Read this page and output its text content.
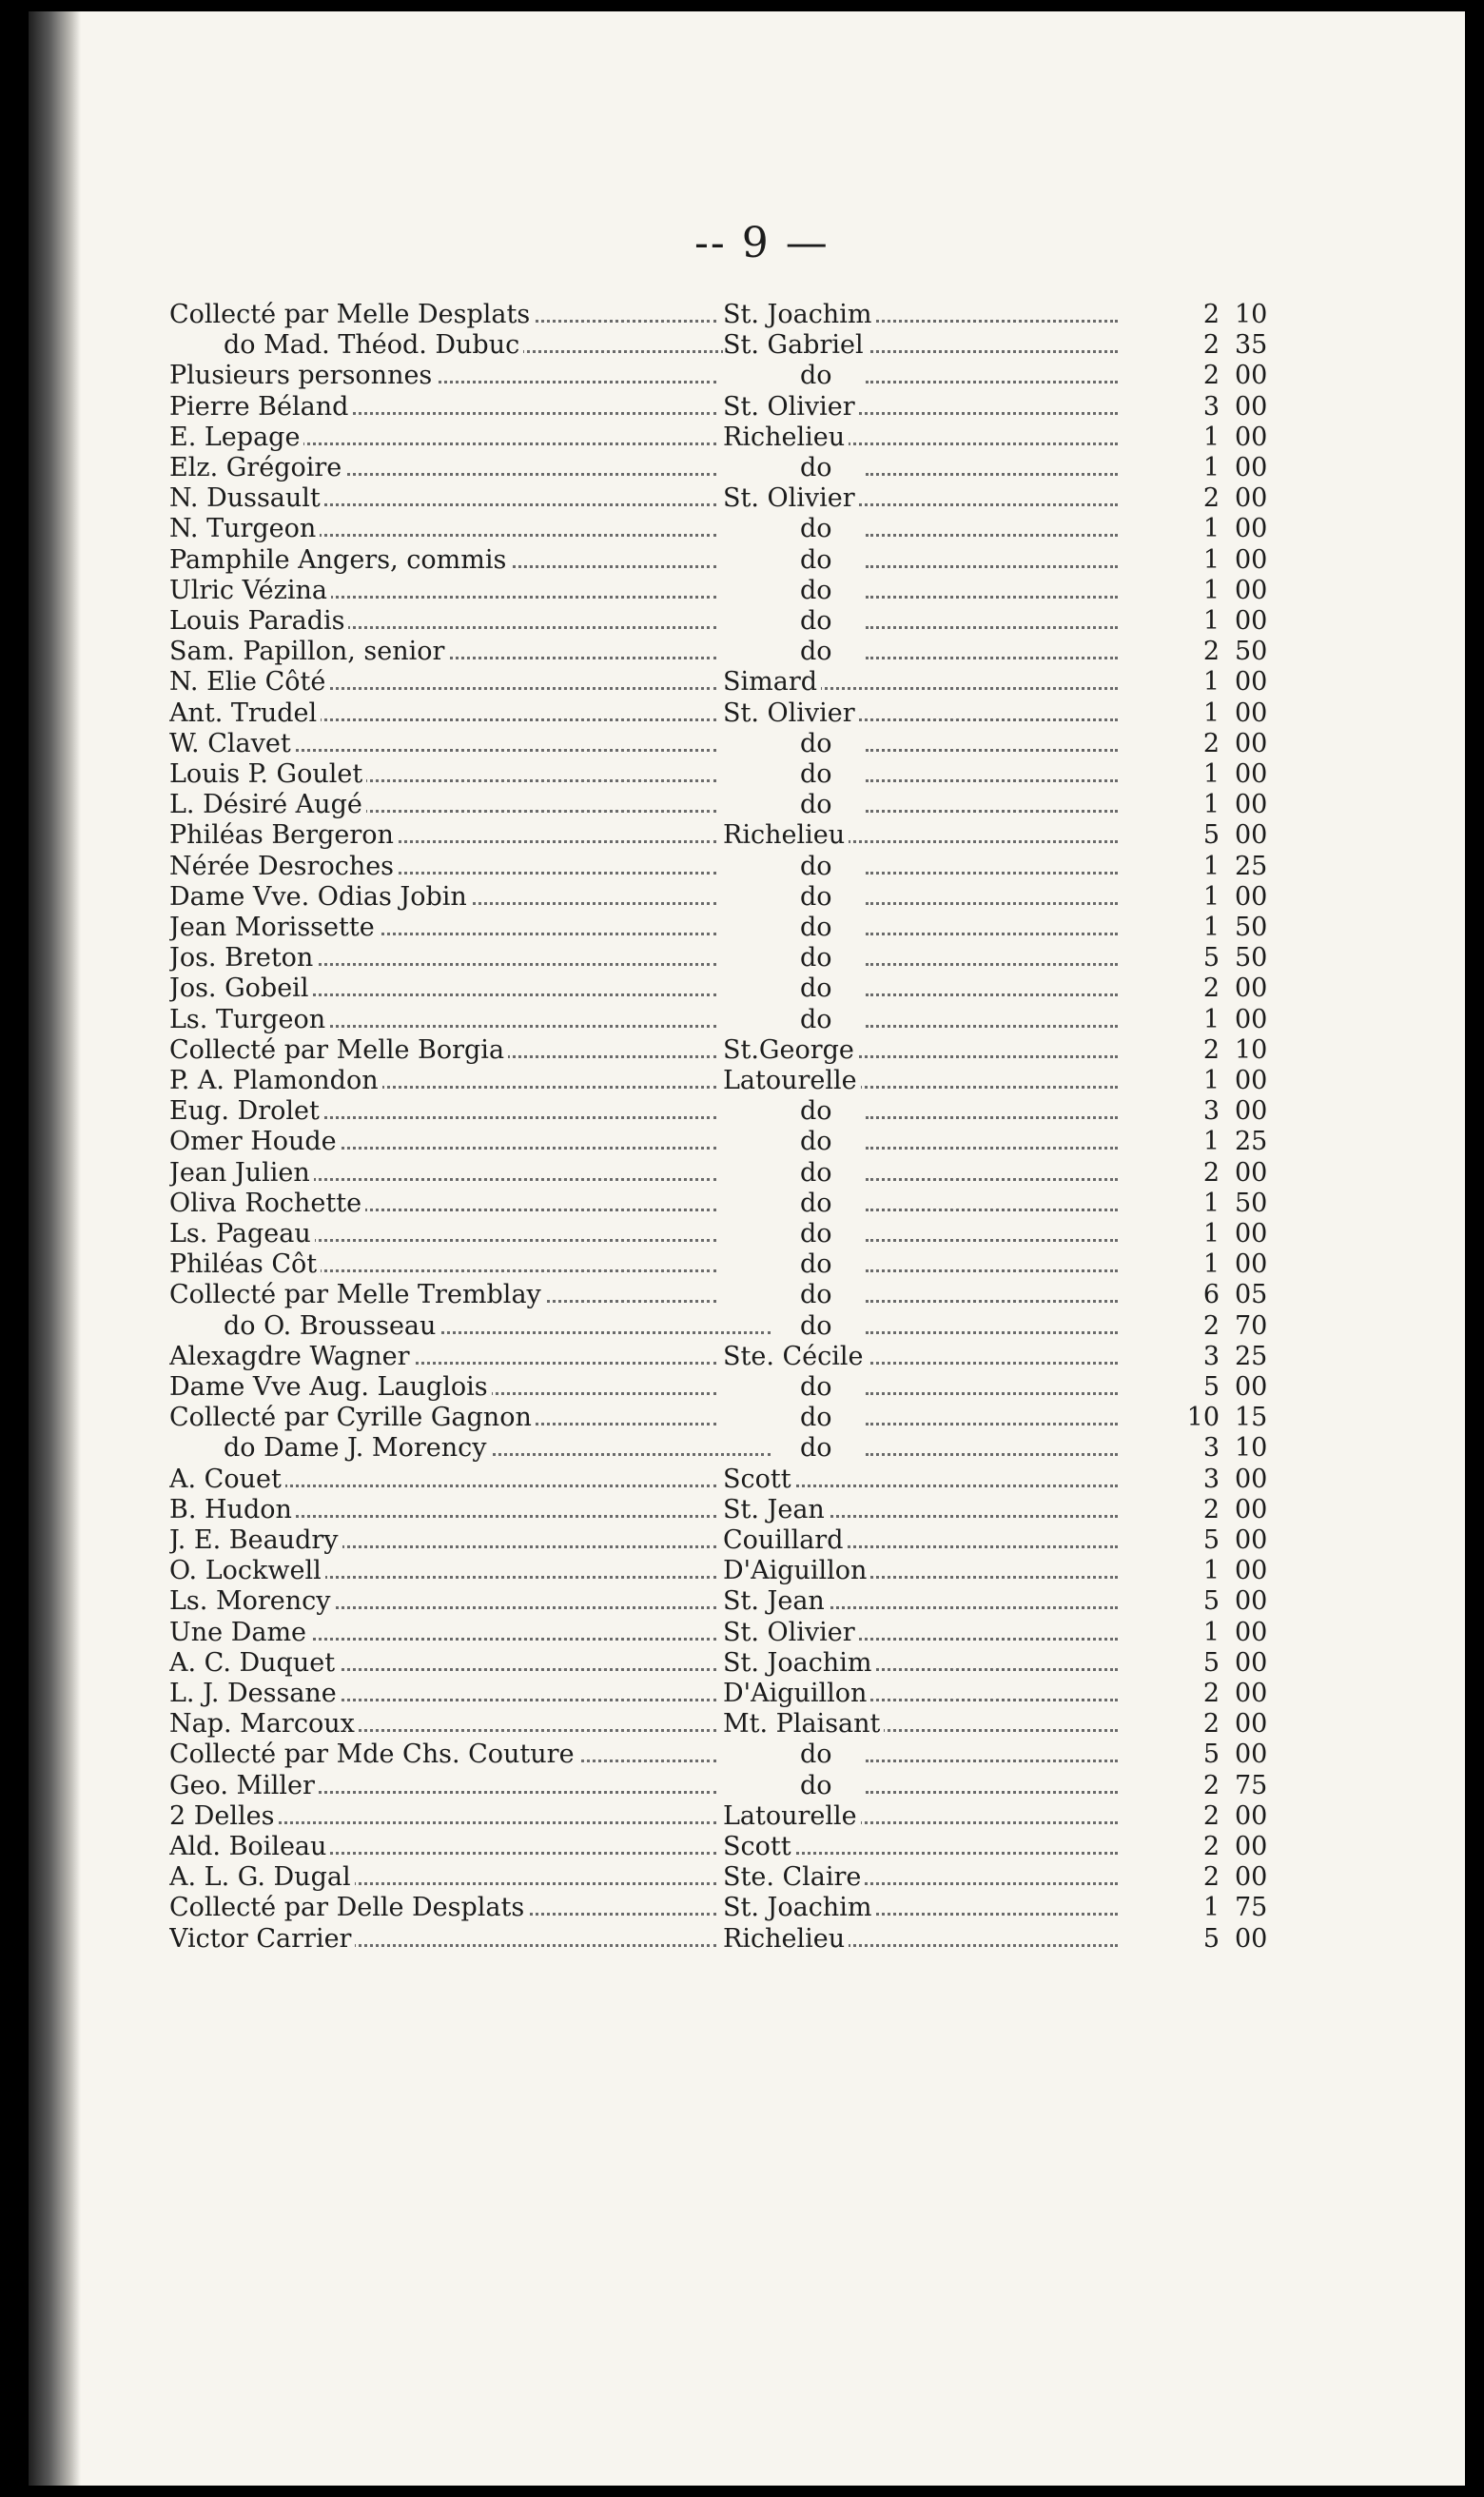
-- 9 —
Collecté par Melle Desplats	St. Joachim	2 10
do Mad. Théod. Dubuc	St. Gabriel	2 35
Plusieurs personnes	do	2 00
Pierre Béland	St. Olivier	3 00
E. Lepage	Richelieu	1 00
Elz. Grégoire	do	1 00
N. Dussault	St. Olivier	2 00
N. Turgeon	do	1 00
Pamphile Angers, commis	do	1 00
Ulric Vézina	do	1 00
Louis Paradis	do	1 00
Sam. Papillon, senior	do	2 50
N. Elie Côté	Simard	1 00
Ant. Trudel	St. Olivier	1 00
W. Clavet	do	2 00
Louis P. Goulet	do	1 00
L. Désiré Augé	do	1 00
Philéas Bergeron	Richelieu	5 00
Nérée Desroches	do	1 25
Dame Vve. Odias Jobin	do	1 00
Jean Morissette	do	1 50
Jos. Breton	do	5 50
Jos. Gobeil	do	2 00
Ls. Turgeon	do	1 00
Collecté par Melle Borgia	St.George	2 10
P. A. Plamondon	Latourelle	1 00
Eug. Drolet	do	3 00
Omer Houde	do	1 25
Jean Julien	do	2 00
Oliva Rochette	do	1 50
Ls. Pageau	do	1 00
Philéas Côt	do	1 00
Collecté par Melle Tremblay	do	6 05
do O. Brousseau	do	2 70
Alexagdre Wagner	Ste. Cécile	3 25
Dame Vve Aug. Lauglois	do	5 00
Collecté par Cyrille Gagnon	do	10 15
do Dame J. Morency	do	3 10
A. Couet	Scott	3 00
B. Hudon	St. Jean	2 00
J. E. Beaudry	Couillard	5 00
O. Lockwell	D'Aiguillon	1 00
Ls. Morency	St. Jean	5 00
Une Dame	St. Olivier	1 00
A. C. Duquet	St. Joachim	5 00
L. J. Dessane	D'Aiguillon	2 00
Nap. Marcoux	Mt. Plaisant	2 00
Collecté par Mde Chs. Couture	do	5 00
Geo. Miller	do	2 75
2 Delles	Latourelle	2 00
Ald. Boileau	Scott	2 00
A. L. G. Dugal	Ste. Claire	2 00
Collecté par Delle Desplats	St. Joachim	1 75
Victor Carrier	Richelieu	5 00
